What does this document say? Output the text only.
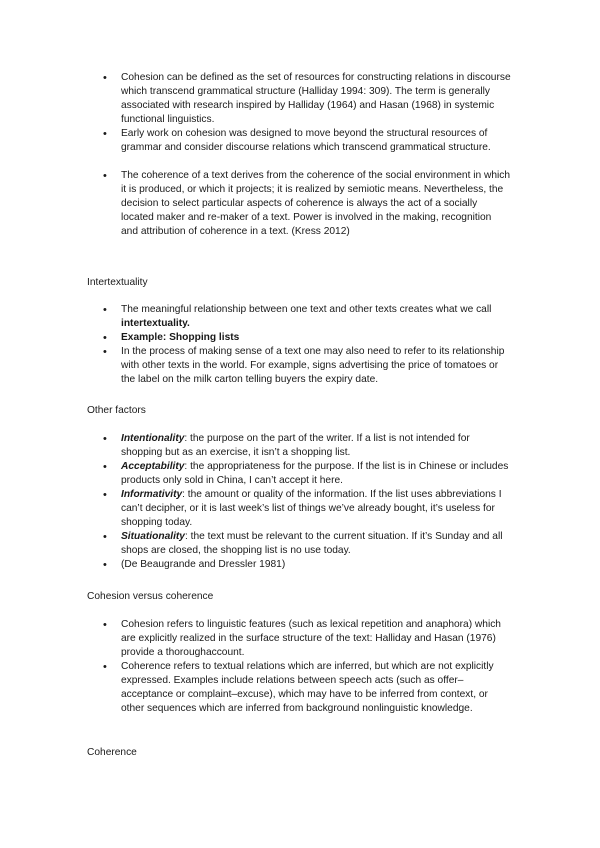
• Cohesion can be defined as the set of resources for constructing relations in discourse which transcend grammatical structure (Halliday 1994: 309). The term is generally associated with research inspired by Halliday (1964) and Hasan (1968) in systemic functional linguistics.
• Early work on cohesion was designed to move beyond the structural resources of grammar and consider discourse relations which transcend grammatical structure.
• The coherence of a text derives from the coherence of the social environment in which it is produced, or which it projects; it is realized by semiotic means. Nevertheless, the decision to select particular aspects of coherence is always the act of a socially located maker and re-maker of a text. Power is involved in the making, recognition and attribution of coherence in a text. (Kress 2012)
Intertextuality
• The meaningful relationship between one text and other texts creates what we call intertextuality.
• Example: Shopping lists
• In the process of making sense of a text one may also need to refer to its relationship with other texts in the world. For example, signs advertising the price of tomatoes or the label on the milk carton telling buyers the expiry date.
Other factors
• Intentionality: the purpose on the part of the writer. If a list is not intended for shopping but as an exercise, it isn’t a shopping list.
• Acceptability: the appropriateness for the purpose. If the list is in Chinese or includes products only sold in China, I can’t accept it here.
• Informativity: the amount or quality of the information. If the list uses abbreviations I can’t decipher, or it is last week’s list of things we’ve already bought, it’s useless for shopping today.
• Situationality: the text must be relevant to the current situation. If it’s Sunday and all shops are closed, the shopping list is no use today.
• (De Beaugrande and Dressler 1981)
Cohesion versus coherence
• Cohesion refers to linguistic features (such as lexical repetition and anaphora) which are explicitly realized in the surface structure of the text: Halliday and Hasan (1976) provide a thoroughaccount.
• Coherence refers to textual relations which are inferred, but which are not explicitly expressed. Examples include relations between speech acts (such as offer– acceptance or complaint–excuse), which may have to be inferred from context, or other sequences which are inferred from background nonlinguistic knowledge.
Coherence
